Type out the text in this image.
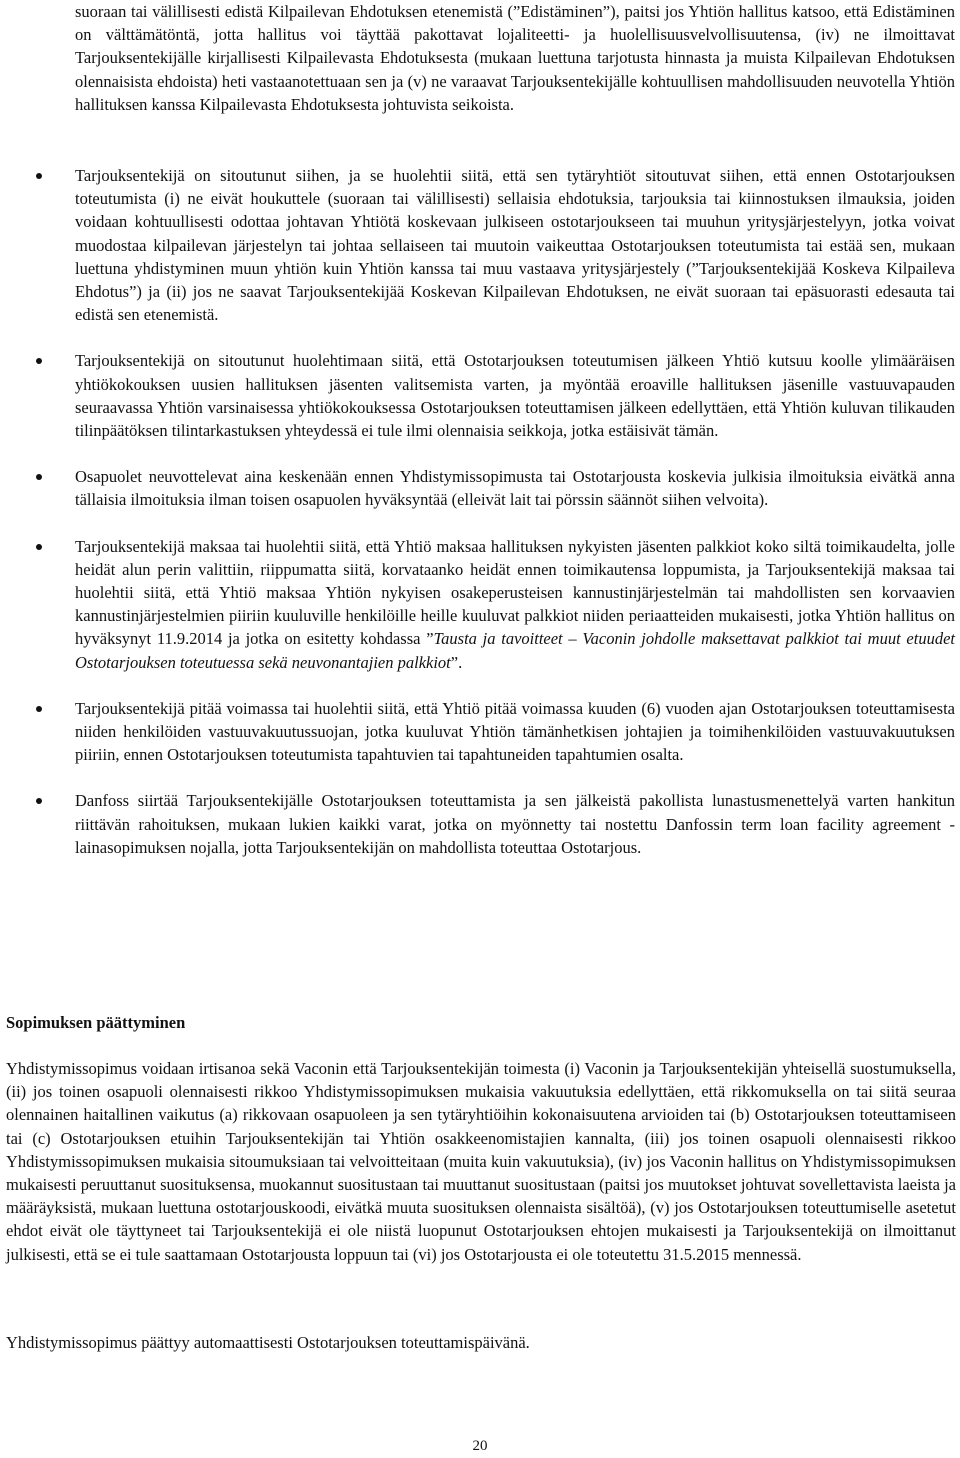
suoraan tai välillisesti edistä Kilpailevan Ehdotuksen etenemistä (”Edistäminen”), paitsi jos Yhtiön hallitus katsoo, että Edistäminen on välttämätöntä, jotta hallitus voi täyttää pakottavat lojaliteetti- ja huolellisuusvelvollisuutensa, (iv) ne ilmoittavat Tarjouksentekijälle kirjallisesti Kilpailevasta Ehdotuksesta (mukaan luettuna tarjotusta hinnasta ja muista Kilpailevan Ehdotuksen olennaisista ehdoista) heti vastaanotettuaan sen ja (v) ne varaavat Tarjouksentekijälle kohtuullisen mahdollisuuden neuvotella Yhtiön hallituksen kanssa Kilpailevasta Ehdotuksesta johtuvista seikoista.

Tarjouksentekijä on sitoutunut siihen, ja se huolehtii siitä, että sen tytäryhtiöt sitoutuvat siihen, että ennen Ostotarjouksen toteutumista (i) ne eivät houkuttele (suoraan tai välillisesti) sellaisia ehdotuksia, tarjouksia tai kiinnostuksen ilmauksia, joiden voidaan kohtuullisesti odottaa johtavan Yhtiötä koskevaan julkiseen ostotarjoukseen tai muuhun yritysjärjestelyyn, jotka voivat muodostaa kilpailevan järjestelyn tai johtaa sellaiseen tai muutoin vaikeuttaa Ostotarjouksen toteutumista tai estää sen, mukaan luettuna yhdistyminen muun yhtiön kuin Yhtiön kanssa tai muu vastaava yritysjärjestely (”Tarjouksentekijää Koskeva Kilpaileva Ehdotus”) ja (ii) jos ne saavat Tarjouksentekijää Koskevan Kilpailevan Ehdotuksen, ne eivät suoraan tai epäsuorasti edesauta tai edistä sen etenemistä.
Tarjouksentekijä on sitoutunut huolehtimaan siitä, että Ostotarjouksen toteutumisen jälkeen Yhtiö kutsuu koolle ylimääräisen yhtiökokouksen uusien hallituksen jäsenten valitsemista varten, ja myöntää eroaville hallituksen jäsenille vastuuvapauden seuraavassa Yhtiön varsinaisessa yhtiökokouksessa Ostotarjouksen toteuttamisen jälkeen edellyttäen, että Yhtiön kuluvan tilikauden tilinpäätöksen tilintarkastuksen yhteydessä ei tule ilmi olennaisia seikkoja, jotka estäisivät tämän.
Osapuolet neuvottelevat aina keskenään ennen Yhdistymissopimusta tai Ostotarjousta koskevia julkisia ilmoituksia eivätkä anna tällaisia ilmoituksia ilman toisen osapuolen hyväksyntää (elleivät lait tai pörssin säännöt siihen velvoita).
Tarjouksentekijä maksaa tai huolehtii siitä, että Yhtiö maksaa hallituksen nykyisten jäsenten palkkiot koko siltä toimikaudelta, jolle heidät alun perin valittiin, riippumatta siitä, korvataanko heidät ennen toimikautensa loppumista, ja Tarjouksentekijä maksaa tai huolehtii siitä, että Yhtiö maksaa Yhtiön nykyisen osakeperusteisen kannustinjärjestelmän tai mahdollisten sen korvaavien kannustinjärjestelmien piiriin kuuluville henkilöille heille kuuluvat palkkiot niiden periaatteiden mukaisesti, jotka Yhtiön hallitus on hyväksynyt 11.9.2014 ja jotka on esitetty kohdassa ”Tausta ja tavoitteet – Vaconin johdolle maksettavat palkkiot tai muut etuudet Ostotarjouksen toteutuessa sekä neuvonantajien palkkiot”.
Tarjouksentekijä pitää voimassa tai huolehtii siitä, että Yhtiö pitää voimassa kuuden (6) vuoden ajan Ostotarjouksen toteuttamisesta niiden henkilöiden vastuuvakuutussuojan, jotka kuuluvat Yhtiön tämänhetkisen johtajien ja toimihenkilöiden vastuuvakuutuksen piiriin, ennen Ostotarjouksen toteutumista tapahtuvien tai tapahtuneiden tapahtumien osalta.
Danfoss siirtää Tarjouksentekijälle Ostotarjouksen toteuttamista ja sen jälkeistä pakollista lunastusmenettelyä varten hankitun riittävän rahoituksen, mukaan lukien kaikki varat, jotka on myönnetty tai nostettu Danfossin term loan facility agreement -lainasopimuksen nojalla, jotta Tarjouksentekijän on mahdollista toteuttaa Ostotarjous.
Sopimuksen päättyminen

Yhdistymissopimus voidaan irtisanoa sekä Vaconin että Tarjouksentekijän toimesta (i) Vaconin ja Tarjouksentekijän yhteisellä suostumuksella, (ii) jos toinen osapuoli olennaisesti rikkoo Yhdistymissopimuksen mukaisia vakuutuksia edellyttäen, että rikkomuksella on tai siitä seuraa olennainen haitallinen vaikutus (a) rikkovaan osapuoleen ja sen tytäryhtiöihin kokonaisuutena arvioiden tai (b) Ostotarjouksen toteuttamiseen tai (c) Ostotarjouksen etuihin Tarjouksentekijän tai Yhtiön osakkeenomistajien kannalta, (iii) jos toinen osapuoli olennaisesti rikkoo Yhdistymissopimuksen mukaisia sitoumuksiaan tai velvoitteitaan (muita kuin vakuutuksia), (iv) jos Vaconin hallitus on Yhdistymissopimuksen mukaisesti peruuttanut suosituksensa, muokannut suositustaan tai muuttanut suositustaan (paitsi jos muutokset johtuvat sovellettavista laeista ja määräyksistä, mukaan luettuna ostotarjouskoodi, eivätkä muuta suosituksen olennaista sisältöä), (v) jos Ostotarjouksen toteuttumiselle asetetut ehdot eivät ole täyttyneet tai Tarjouksentekijä ei ole niistä luopunut Ostotarjouksen ehtojen mukaisesti ja Tarjouksentekijä on ilmoittanut julkisesti, että se ei tule saattamaan Ostotarjousta loppuun tai (vi) jos Ostotarjousta ei ole toteutettu 31.5.2015 mennessä.

Yhdistymissopimus päättyy automaattisesti Ostotarjouksen toteuttamispäivänä.

20
